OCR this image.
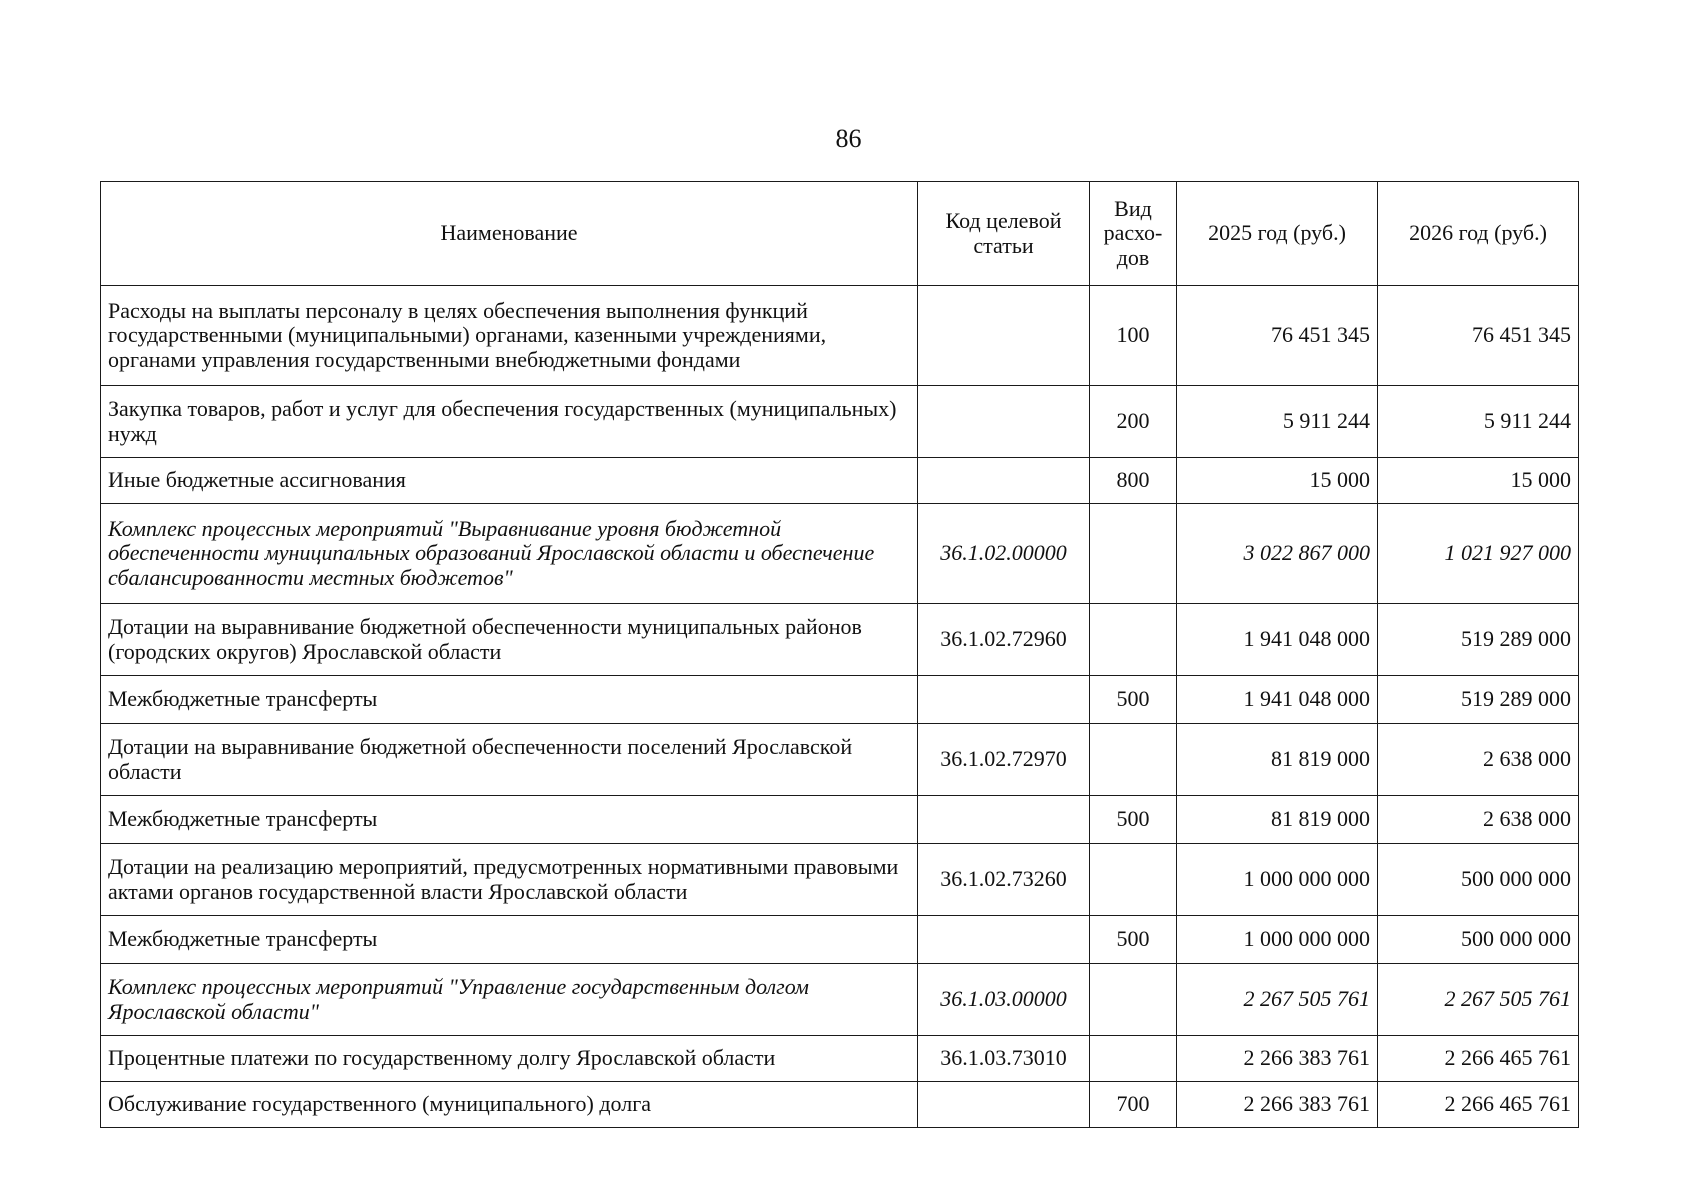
86
Наименование	Код целевой статьи	Вид расхо-дов	2025 год (руб.)	2026 год (руб.)
Расходы на выплаты персоналу в целях обеспечения выполнения функций государственными (муниципальными) органами, казенными учреждениями, органами управления государственными внебюджетными фондами		100	76 451 345	76 451 345
Закупка товаров, работ и услуг для обеспечения государственных (муниципальных) нужд		200	5 911 244	5 911 244
Иные бюджетные ассигнования		800	15 000	15 000
Комплекс процессных мероприятий "Выравнивание уровня бюджетной обеспеченности муниципальных образований Ярославской области и обеспечение сбалансированности местных бюджетов"	36.1.02.00000		3 022 867 000	1 021 927 000
Дотации на выравнивание бюджетной обеспеченности муниципальных районов (городских округов) Ярославской области	36.1.02.72960		1 941 048 000	519 289 000
Межбюджетные трансферты		500	1 941 048 000	519 289 000
Дотации на выравнивание бюджетной обеспеченности поселений Ярославской области	36.1.02.72970		81 819 000	2 638 000
Межбюджетные трансферты		500	81 819 000	2 638 000
Дотации на реализацию мероприятий, предусмотренных нормативными правовыми актами органов государственной власти Ярославской области	36.1.02.73260		1 000 000 000	500 000 000
Межбюджетные трансферты		500	1 000 000 000	500 000 000
Комплекс процессных мероприятий "Управление государственным долгом Ярославской области"	36.1.03.00000		2 267 505 761	2 267 505 761
Процентные платежи по государственному долгу Ярославской области	36.1.03.73010		2 266 383 761	2 266 465 761
Обслуживание государственного (муниципального) долга		700	2 266 383 761	2 266 465 761
